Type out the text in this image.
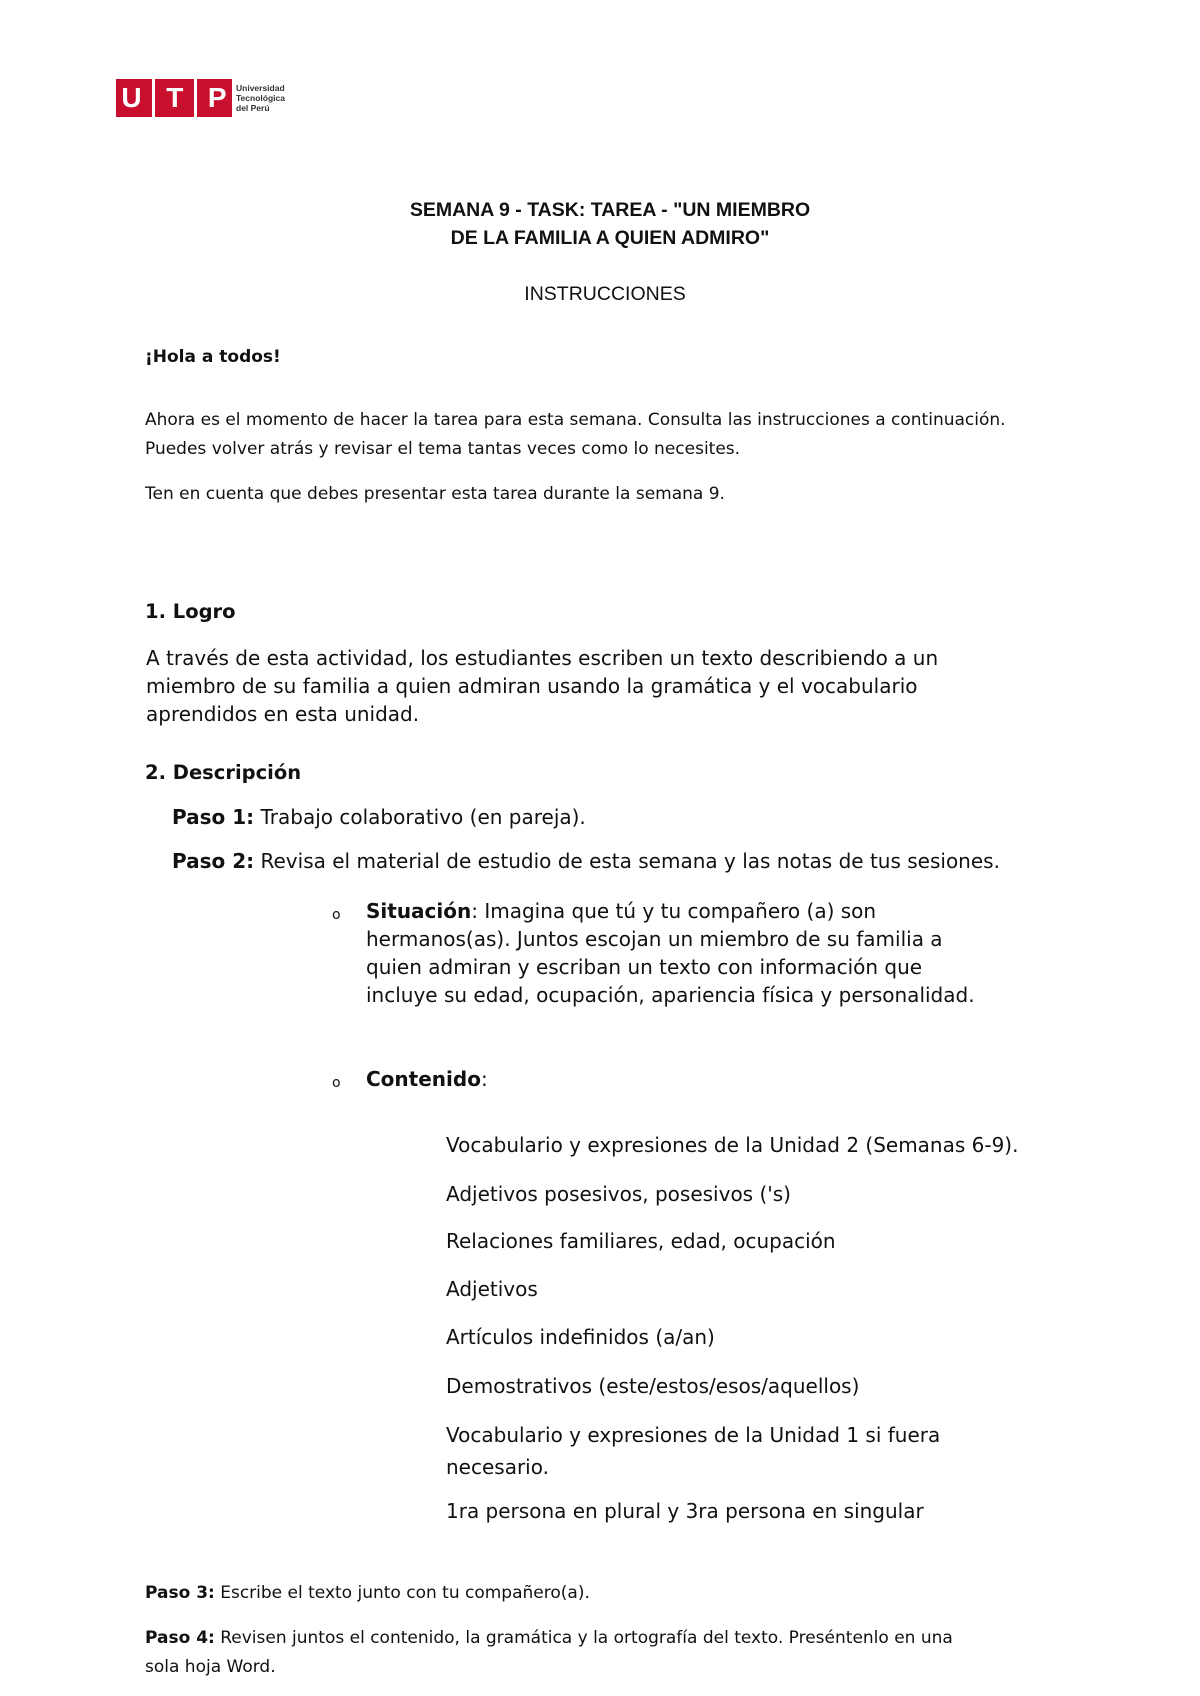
U T P Universidad
Tecnológica
del Perú
SEMANA 9 - TASK: TAREA - "UN MIEMBRO
DE LA FAMILIA A QUIEN ADMIRO"
INSTRUCCIONES
¡Hola a todos!
Ahora es el momento de hacer la tarea para esta semana. Consulta las instrucciones a continuación.
Puedes volver atrás y revisar el tema tantas veces como lo necesites.
Ten en cuenta que debes presentar esta tarea durante la semana 9.
1. Logro
A través de esta actividad, los estudiantes escriben un texto describiendo a un
miembro de su familia a quien admiran usando la gramática y el vocabulario
aprendidos en esta unidad.
2. Descripción
Paso 1: Trabajo colaborativo (en pareja).
Paso 2: Revisa el material de estudio de esta semana y las notas de tus sesiones.
o Situación: Imagina que tú y tu compañero (a) son
hermanos(as). Juntos escojan un miembro de su familia a
quien admiran y escriban un texto con información que
incluye su edad, ocupación, apariencia física y personalidad.
o Contenido:
Vocabulario y expresiones de la Unidad 2 (Semanas 6-9).
Adjetivos posesivos, posesivos ('s)
Relaciones familiares, edad, ocupación
Adjetivos
Artículos indefinidos (a/an)
Demostrativos (este/estos/esos/aquellos)
Vocabulario y expresiones de la Unidad 1 si fuera
necesario.
1ra persona en plural y 3ra persona en singular
Paso 3: Escribe el texto junto con tu compañero(a).
Paso 4: Revisen juntos el contenido, la gramática y la ortografía del texto. Preséntenlo en una
sola hoja Word.
